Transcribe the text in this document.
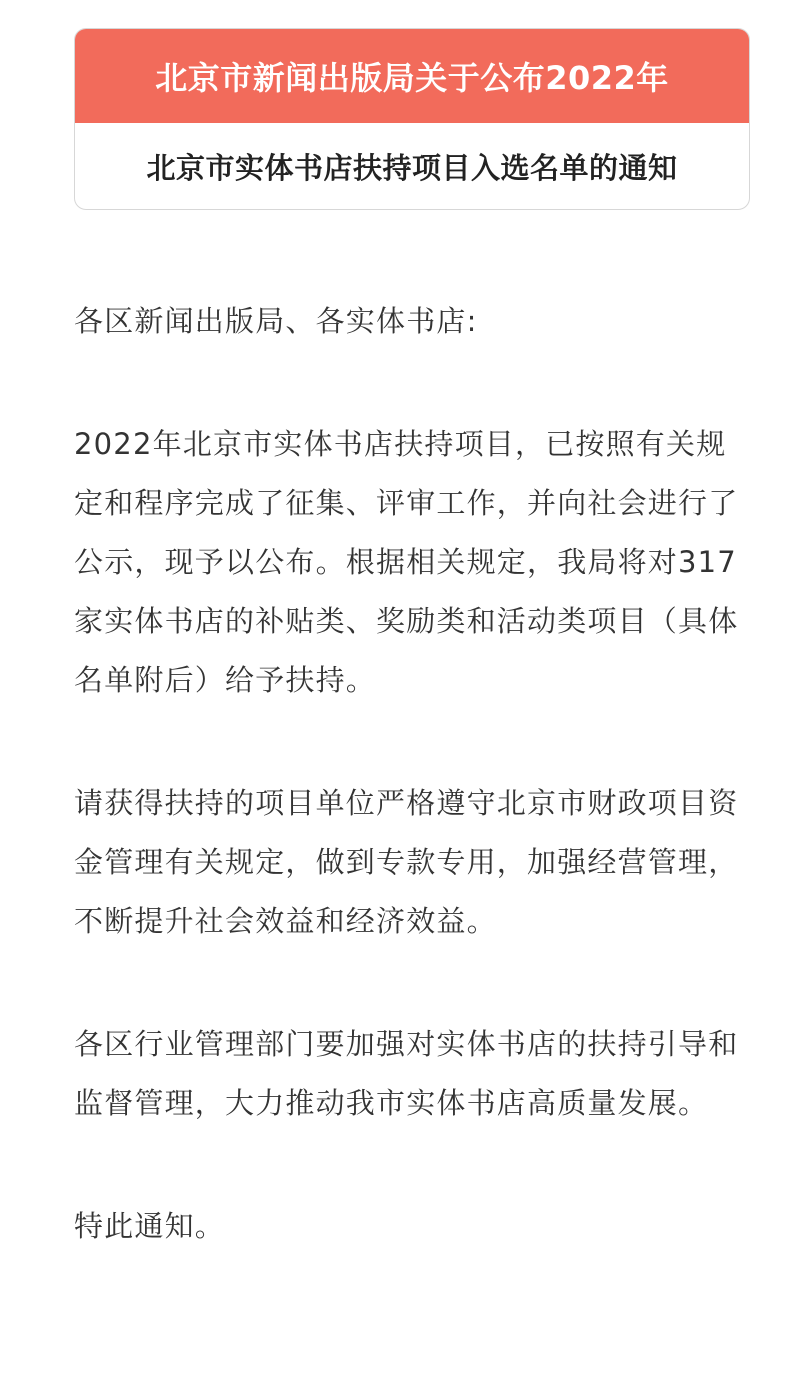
北京市新闻出版局关于公布2022年
北京市实体书店扶持项目入选名单的通知

各区新闻出版局、各实体书店:

2022年北京市实体书店扶持项目，已按照有关规定和程序完成了征集、评审工作，并向社会进行了公示，现予以公布。根据相关规定，我局将对317家实体书店的补贴类、奖励类和活动类项目（具体名单附后）给予扶持。

请获得扶持的项目单位严格遵守北京市财政项目资金管理有关规定，做到专款专用，加强经营管理，不断提升社会效益和经济效益。

各区行业管理部门要加强对实体书店的扶持引导和监督管理，大力推动我市实体书店高质量发展。

特此通知。
